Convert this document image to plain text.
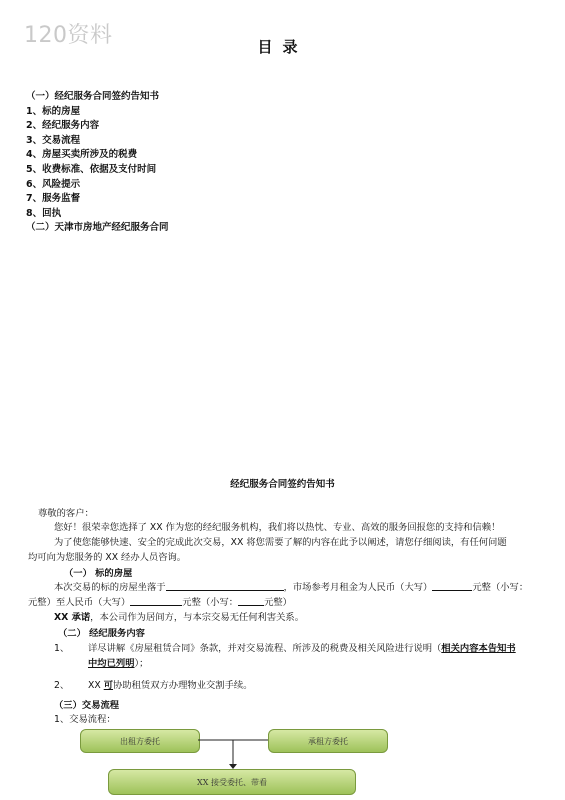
120资料	目录
（一）经纪服务合同签约告知书
1、标的房屋
2、经纪服务内容
3、交易流程
4、房屋买卖所涉及的税费
5、收费标准、依据及支付时间
6、风险提示
7、服务监督
8、回执
（二）天津市房地产经纪服务合同
经纪服务合同签约告知书
尊敬的客户：
您好！很荣幸您选择了 XX 作为您的经纪服务机构，我们将以热忱、专业、高效的服务回报您的支持和信赖！
为了使您能够快速、安全的完成此次交易，XX 将您需要了解的内容在此予以阐述，请您仔细阅读，有任何问题
均可向为您服务的 XX 经办人员咨询。
（一） 标的房屋
本次交易的标的房屋坐落于	，市场参考月租金为人民币（大写）	元整（小写：
元整）至人民币（大写）	元整（小写：	元整）
XX 承诺，本公司作为居间方，与本宗交易无任何利害关系。
（二） 经纪服务内容
1、 详尽讲解《房屋租赁合同》条款，并对交易流程、所涉及的税费及相关风险进行说明（相关内容本告知书
中均已列明）；
2、 XX 可协助租赁双方办理物业交割手续。
（三）交易流程
1、交易流程：
出租方委托	承租方委托
XX 接受委托、带看
